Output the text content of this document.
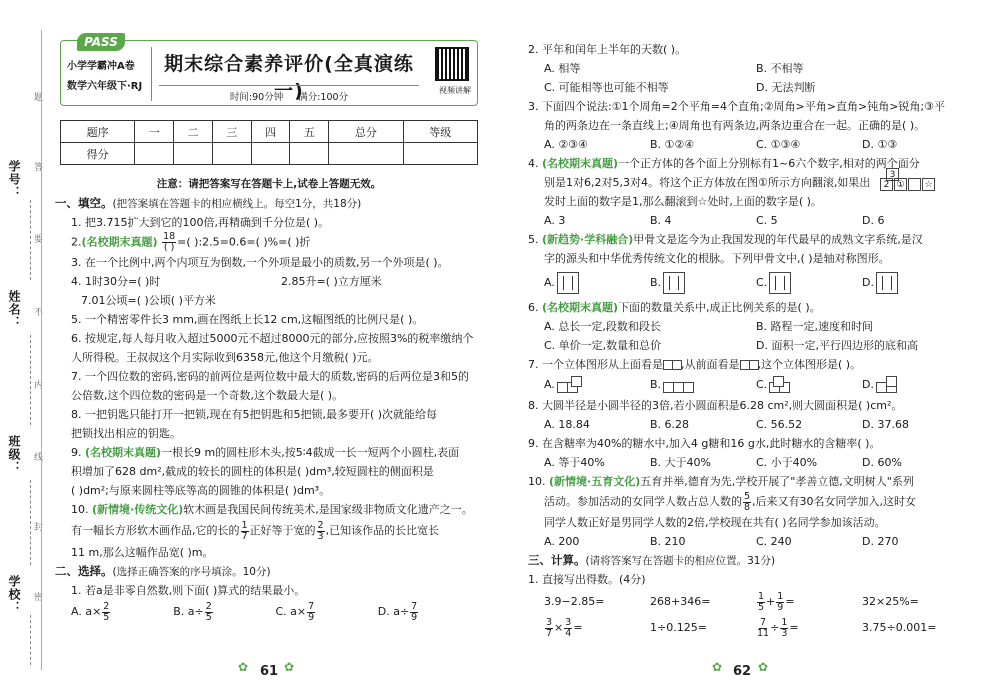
学号：
姓名：
班级：
学校：
题
答
要
不
内
线
封
密
PASS
小学学霸冲A卷
数学六年级下·RJ
期末综合素养评价(全真演练一)
时间:90分钟 满分:100分
视频讲解
题序	一	二	三	四	五	总分	等级
得分							
注意：请把答案写在答题卡上,试卷上答题无效。
一、填空。(把答案填在答题卡的相应横线上。每空1分，共18分)
1. 把3.7̇15̇扩大到它的100倍,再精确到千分位是( )。
2.(名校期末真题) $\frac{18}{( )}$ =( ):2.5=0.6=( )%=( )折
3. 在一个比例中,两个内项互为倒数,一个外项是最小的质数,另一个外项是( )。
4. 1时30分=( )时	2.85升=( )立方厘米
7.01公顷=( )公顷( )平方米
5. 一个精密零件长3 mm,画在图纸上长12 cm,这幅图纸的比例尺是( )。
6. 按规定,每人每月收入超过5000元不超过8000元的部分,应按照3%的税率缴纳个
人所得税。王叔叔这个月实际收到6358元,他这个月缴税( )元。
7. 一个四位数的密码,密码的前两位是两位数中最大的质数,密码的后两位是3和5的
公倍数,这个四位数的密码是一个奇数,这个数最大是( )。
8. 一把钥匙只能打开一把锁,现在有5把钥匙和5把锁,最多要开( )次就能给每
把锁找出相应的钥匙。
9. (名校期末真题)一根长9 m的圆柱形木头,按5∶4截成一长一短两个小圆柱,表面
积增加了628 dm²,截成的较长的圆柱的体积是( )dm³,较短圆柱的侧面积是
( )dm²;与原来圆柱等底等高的圆锥的体积是( )dm³。
10. (新情境·传统文化)软木画是我国民间传统美术,是国家级非物质文化遗产之一。
有一幅长方形软木画作品,它的长的 $\frac{1}{7}$ 正好等于宽的 $\frac{2}{3}$ ,已知该作品的长比宽长
11 m,那么这幅作品宽( )m。
二、选择。(选择正确答案的序号填涂。10分)
1. 若a是非零自然数,则下面( )算式的结果最小。
A. $a\times \frac{2}{5}$	B. $a\div \frac{2}{5}$	C. $a\times \frac{7}{9}$	D. $a\div \frac{7}{9}$
2. 平年和闰年上半年的天数( )。
A. 相等	B. 不相等
C. 可能相等也可能不相等	D. 无法判断
3. 下面四个说法:①1个周角=2个平角=4个直角;②周角>平角>直角>钝角>锐角;③平
角的两条边在一条直线上;④周角也有两条边,两条边重合在一起。正确的是( )。
A. ②③④	B. ①②④	C. ①③④	D. ①③
4. (名校期末真题)一个正方体的各个面上分别标有1~6六个数字,相对的两个面分
别是1对6,2对5,3对4。将这个正方体放在图①所示方向翻滚,如果出
发时上面的数字是1,那么翻滚到☆处时,上面的数字是( )。
A. 3	B. 4	C. 5	D. 6
5. (新趋势·学科融合)甲骨文是迄今为止我国发现的年代最早的成熟文字系统,是汉
字的源头和中华优秀传统文化的根脉。下列甲骨文中,( )是轴对称图形。
A.	B.	C.	D.
6. (名校期末真题)下面的数量关系中,成正比例关系的是( )。
A. 总长一定,段数和段长	B. 路程一定,速度和时间
C. 单价一定,数量和总价	D. 面积一定,平行四边形的底和高
7. 一个立体图形从上面看是 ,从前面看是 ,这个立体图形是( )。
A.	B.	C.	D.
8. 大圆半径是小圆半径的3倍,若小圆面积是6.28 cm²,则大圆面积是( )cm²。
A. 18.84	B. 6.28	C. 56.52	D. 37.68
9. 在含糖率为40%的糖水中,加入4 g糖和16 g水,此时糖水的含糖率( )。
A. 等于40%	B. 大于40%	C. 小于40%	D. 60%
10. (新情境·五育文化)五育并举,德育为先,学校开展了"孝善立德,文明树人"系列
活动。参加活动的女同学人数占总人数的 $\frac{5}{8}$ ,后来又有30名女同学加入,这时女
同学人数正好是男同学人数的2倍,学校现在共有( )名同学参加该活动。
A. 200	B. 210	C. 240	D. 270
三、计算。(请将答案写在答题卡的相应位置。31分)
1. 直接写出得数。(4分)
3.9−2.85=	268+346=	$\frac{1}{5} + \frac{1}{9}$ =	32×25%=
$\frac{3}{7} \times \frac{3}{4}$ =	1÷0.125=	$\frac{7}{11} \div \frac{1}{3}$ =	3.75÷0.001=
2
3
① ☆
✿ 61 ✿	✿ 62 ✿
